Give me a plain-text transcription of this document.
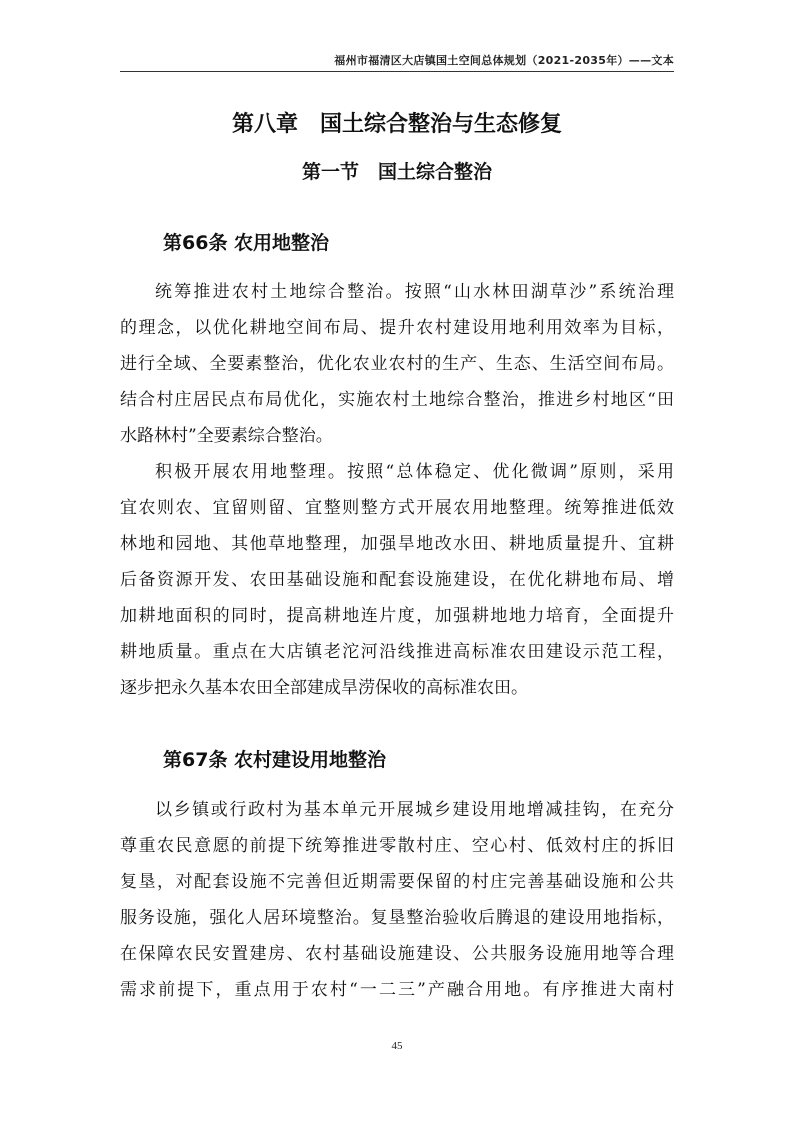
福州市福清区大店镇国土空间总体规划（2021-2035年）——文本
第八章　国土综合整治与生态修复
第一节　国土综合整治
第66条 农用地整治
统筹推进农村土地综合整治。按照“山水林田湖草沙”系统治理
的理念，以优化耕地空间布局、提升农村建设用地利用效率为目标，
进行全域、全要素整治，优化农业农村的生产、生态、生活空间布局。
结合村庄居民点布局优化，实施农村土地综合整治，推进乡村地区“田
水路林村”全要素综合整治。
积极开展农用地整理。按照“总体稳定、优化微调”原则，采用
宜农则农、宜留则留、宜整则整方式开展农用地整理。统筹推进低效
林地和园地、其他草地整理，加强旱地改水田、耕地质量提升、宜耕
后备资源开发、农田基础设施和配套设施建设，在优化耕地布局、增
加耕地面积的同时，提高耕地连片度，加强耕地地力培育，全面提升
耕地质量。重点在大店镇老沱河沿线推进高标准农田建设示范工程，
逐步把永久基本农田全部建成旱涝保收的高标准农田。
第67条 农村建设用地整治
以乡镇或行政村为基本单元开展城乡建设用地增减挂钩，在充分
尊重农民意愿的前提下统筹推进零散村庄、空心村、低效村庄的拆旧
复垦，对配套设施不完善但近期需要保留的村庄完善基础设施和公共
服务设施，强化人居环境整治。复垦整治验收后腾退的建设用地指标，
在保障农民安置建房、农村基础设施建设、公共服务设施用地等合理
需求前提下，重点用于农村“一二三”产融合用地。有序推进大南村
45
